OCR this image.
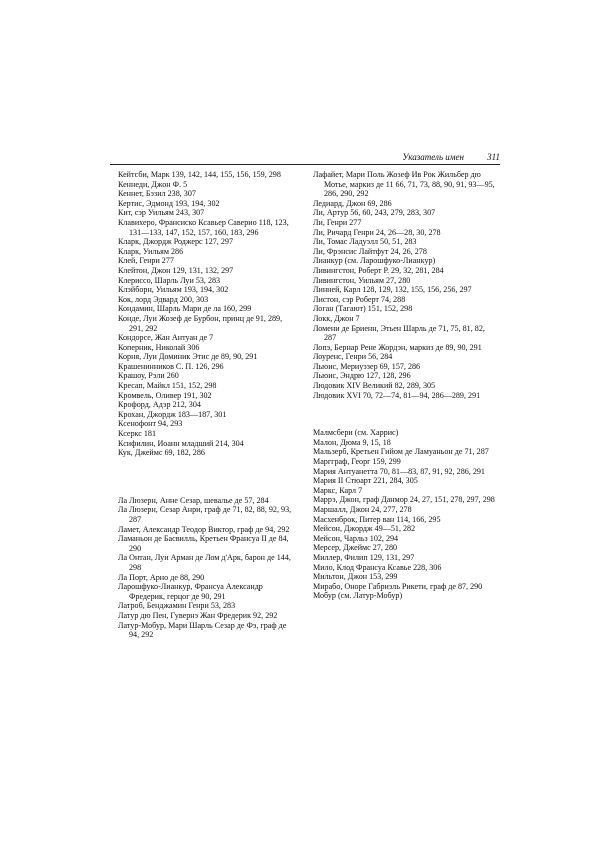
Указатель имен	311

Кейтсби, Марк 139, 142, 144, 155, 156, 159, 298

Кеннеди, Джон Ф. 5

Кеннет, Бэзил 238, 307

Кертис, Эдмонд 193, 194, 302

Кит, сэр Уильям 243, 307

Клавихеро, Франсиско Ксавьер Саверио 118, 123, 131—133, 147, 152, 157, 160, 183, 296

Кларк, Джордж Роджерс 127, 297

Кларк, Уильям 286

Клей, Генри 277

Клейтон, Джон 129, 131, 132, 297

Клериссо, Шарль Луи 53, 283

Клэйборн, Уильям 193, 194, 302

Кок, лорд Эдвард 200, 303

Кондамин, Шарль Мари де ла 160, 299

Конде, Луи Жозеф де Бурбон, принц де 91, 289, 291, 292

Кондорсе, Жан Антуан де 7

Коперник, Николай 306

Корня, Луи Доминик Этис де 89, 90, 291

Крашенинников С. П. 126, 296

Крашоу, Рэли 260

Кресап, Майкл 151, 152, 298

Кромвель, Оливер 191, 302

Крофорд, Адэр 212, 304

Крохан, Джордж 183—187, 301

Ксенофонт 94, 293

Ксеркс 181

Ксифилин, Иоанн младший 214, 304

Кук, Джеймс 69, 182, 286

Ла Люзерн, Анне Сезар, шевалье де 57, 284

Ла Люзерн, Сезар Анри, граф де 71, 82, 88, 92, 93, 287

Ламет, Александр Теодор Виктор, граф де 94, 292

Ламаньон де Басвилль, Кретьен Франсуа II де 84, 290

Ла Онтан, Луи Арман де Лом д'Арк, барон де 144, 298

Ла Порт, Арно де 88, 290

Ларошфуко-Лианкур, Франсуа Александр Фредерик, герцог де 90, 291

Латроб, Бенджамин Генри 53, 283

Латур дю Пен, Гувернэ Жан Фредерик 92, 292

Латур-Мобур, Мари Шарль Сезар де Фэ, граф де 94, 292

Лафайет, Мари Поль Жозеф Ив Рок Жильбер дю Мотье, маркиз де 11 66, 71, 73, 88, 90, 91, 93—95, 286, 290, 292

Ледиард, Джон 69, 286

Ли, Артур 56, 60, 243, 279, 283, 307

Ли, Генри 277

Ли, Ричард Генри 24, 26—28, 30, 278

Ли, Томас Ладуэлл 50, 51, 283

Ли, Фрэнсис Лайтфут 24, 26, 278

Лианкур (см. Ларошфуко-Лианкур)

Ливингстон, Роберт Р. 29, 32, 281, 284

Ливингстон, Уильям 27, 280

Линней, Карл 128, 129, 132, 155, 156, 256, 297

Листон, сэр Роберт 74, 288

Логан (Тагают) 151, 152, 298

Локк, Джон 7

Ломени де Бриенн, Этьен Шарль де 71, 75, 81, 82, 287

Лопэ, Бернар Рене Жордэн, маркиз де 89, 90, 291

Лоуренс, Генри 56, 284

Льюис, Мериуэзер 69, 157, 286

Льюис, Эндрю 127, 128, 296

Людовик XIV Великий 82, 289, 305

Людовик XVI 70, 72—74, 81—94, 286—289, 291

Малмсбери (см. Харрис)

Малон, Дюма 9, 15, 18

Мальзерб, Кретьен Гийом де Ламуаньон де 71, 287

Маргграф, Георг 159, 299

Мария Антуанетта 70, 81—83, 87, 91, 92, 286, 291

Мария II Стюарт 221, 284, 305

Маркс, Карл 7

Маррэ, Джон, граф Данмор 24, 27, 151, 278, 297, 298

Маршалл, Джон 24, 277, 278

Масхенброк, Питер ван 114, 166, 295

Мейсон, Джордж 49—51, 282

Мейсон, Чарльз 102, 294

Мерсер, Джеймс 27, 280

Миллер, Филип 129, 131, 297

Мило, Клод Франсуа Ксавье 228, 306

Мильтон, Джон 153, 299

Мирабо, Оноре Габриэль Рикети, граф де 87, 290

Мобур (см. Латур-Мобур)
